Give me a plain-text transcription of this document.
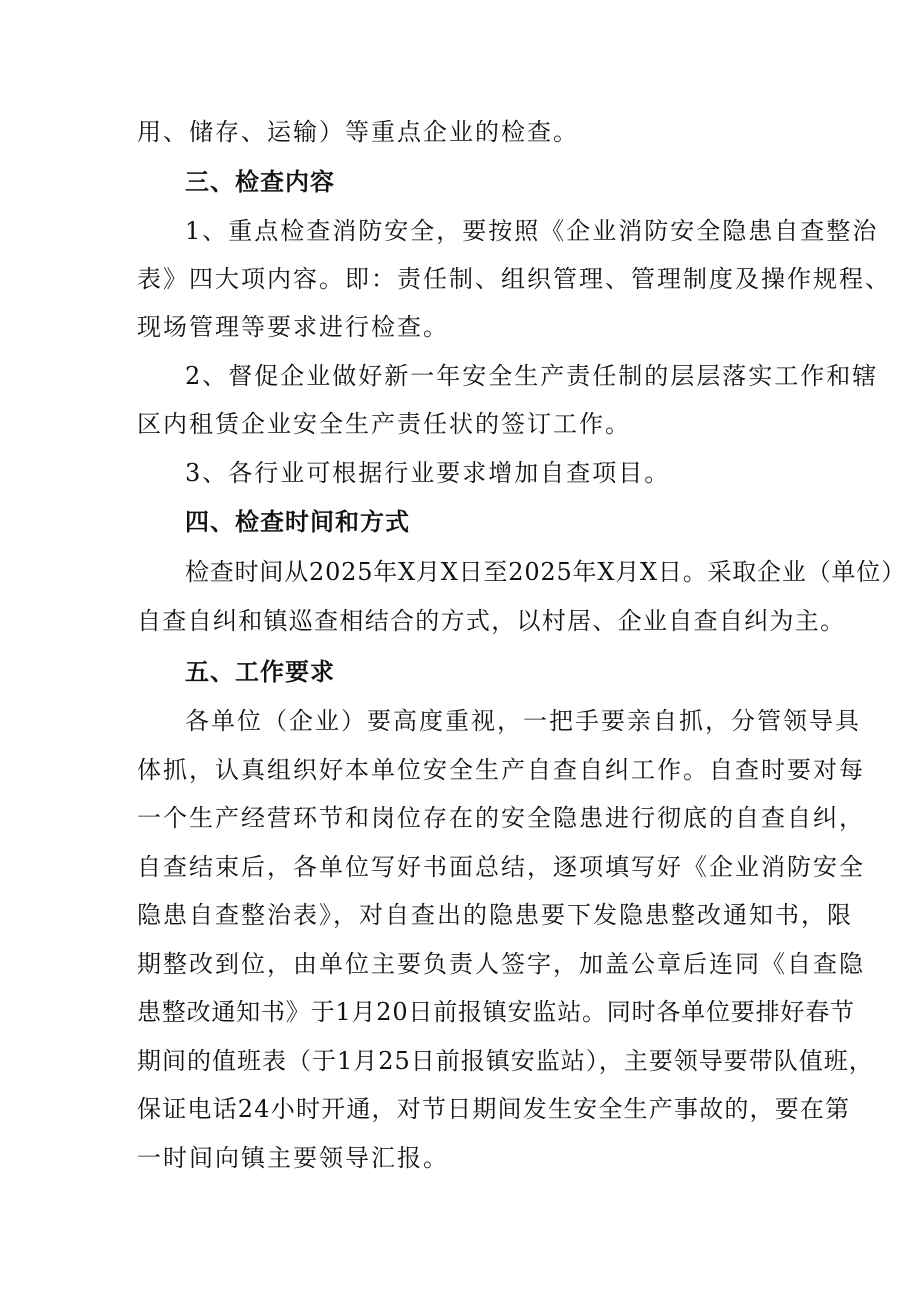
用、储存、运输）等重点企业的检查。
三、检查内容
1、重点检查消防安全，要按照《企业消防安全隐患自查整治
表》四大项内容。即：责任制、组织管理、管理制度及操作规程、
现场管理等要求进行检查。
2、督促企业做好新一年安全生产责任制的层层落实工作和辖
区内租赁企业安全生产责任状的签订工作。
3、各行业可根据行业要求增加自查项目。
四、检查时间和方式
检查时间从2025年X月X日至2025年X月X日。采取企业（单位）
自查自纠和镇巡查相结合的方式，以村居、企业自查自纠为主。
五、工作要求
各单位（企业）要高度重视，一把手要亲自抓，分管领导具
体抓，认真组织好本单位安全生产自查自纠工作。自查时要对每
一个生产经营环节和岗位存在的安全隐患进行彻底的自查自纠，
自查结束后，各单位写好书面总结，逐项填写好《企业消防安全
隐患自查整治表》，对自查出的隐患要下发隐患整改通知书，限
期整改到位，由单位主要负责人签字，加盖公章后连同《自查隐
患整改通知书》于1月20日前报镇安监站。同时各单位要排好春节
期间的值班表（于1月25日前报镇安监站），主要领导要带队值班，
保证电话24小时开通，对节日期间发生安全生产事故的，要在第
一时间向镇主要领导汇报。
